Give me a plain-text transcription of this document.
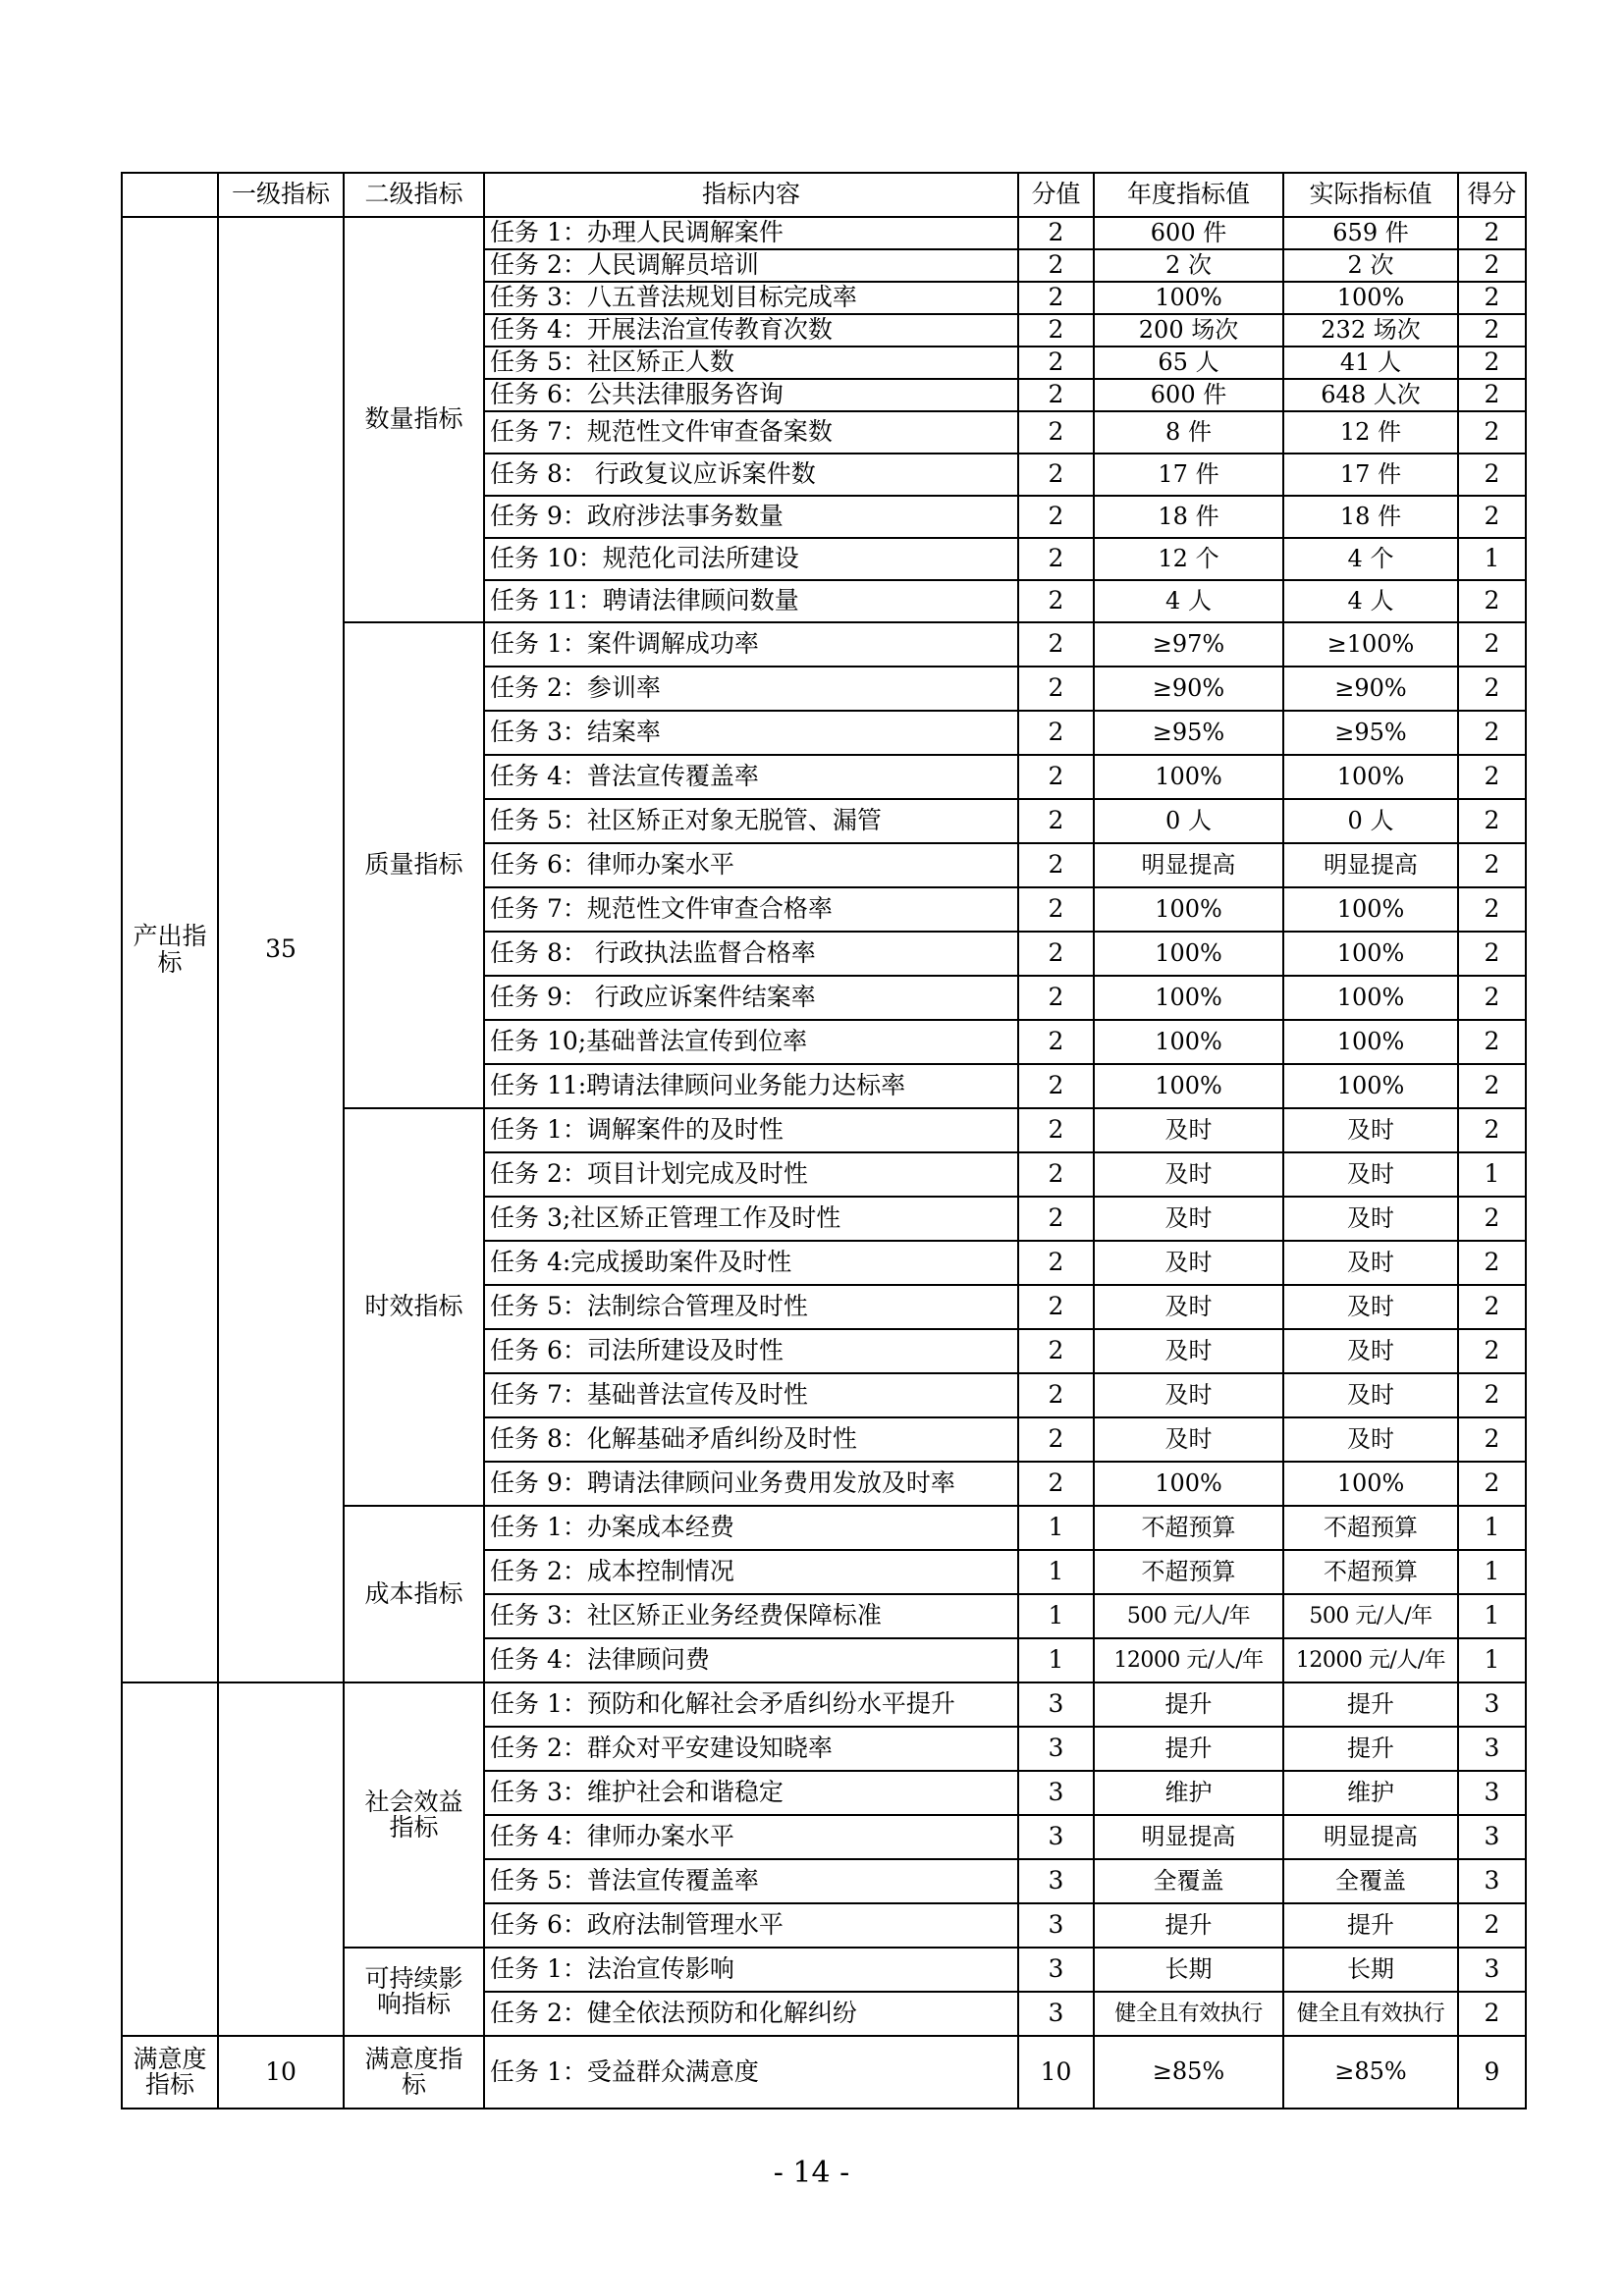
	一级指标	二级指标	指标内容	分值	年度指标值	实际指标值	得分
产出指标	35	数量指标	任务 1：办理人民调解案件	2	600 件	659 件	2
			任务 2：人民调解员培训	2	2 次	2 次	2
			任务 3：八五普法规划目标完成率	2	100%	100%	2
			任务 4：开展法治宣传教育次数	2	200 场次	232 场次	2
			任务 5：社区矫正人数	2	65 人	41 人	2
			任务 6：公共法律服务咨询	2	600 件	648 人次	2
			任务 7：规范性文件审查备案数	2	8 件	12 件	2
			任务 8： 行政复议应诉案件数	2	17 件	17 件	2
			任务 9：政府涉法事务数量	2	18 件	18 件	2
			任务 10：规范化司法所建设	2	12 个	4 个	1
			任务 11：聘请法律顾问数量	2	4 人	4 人	2
		质量指标	任务 1：案件调解成功率	2	≥97%	≥100%	2
			任务 2：参训率	2	≥90%	≥90%	2
			任务 3：结案率	2	≥95%	≥95%	2
			任务 4：普法宣传覆盖率	2	100%	100%	2
			任务 5：社区矫正对象无脱管、漏管	2	0 人	0 人	2
			任务 6：律师办案水平	2	明显提高	明显提高	2
			任务 7：规范性文件审查合格率	2	100%	100%	2
			任务 8： 行政执法监督合格率	2	100%	100%	2
			任务 9： 行政应诉案件结案率	2	100%	100%	2
			任务 10;基础普法宣传到位率	2	100%	100%	2
			任务 11:聘请法律顾问业务能力达标率	2	100%	100%	2
		时效指标	任务 1：调解案件的及时性	2	及时	及时	2
			任务 2：项目计划完成及时性	2	及时	及时	1
			任务 3;社区矫正管理工作及时性	2	及时	及时	2
			任务 4:完成援助案件及时性	2	及时	及时	2
			任务 5：法制综合管理及时性	2	及时	及时	2
			任务 6：司法所建设及时性	2	及时	及时	2
			任务 7：基础普法宣传及时性	2	及时	及时	2
			任务 8：化解基础矛盾纠纷及时性	2	及时	及时	2
			任务 9：聘请法律顾问业务费用发放及时率	2	100%	100%	2
		成本指标	任务 1：办案成本经费	1	不超预算	不超预算	1
			任务 2：成本控制情况	1	不超预算	不超预算	1
			任务 3：社区矫正业务经费保障标准	1	500 元/人/年	500 元/人/年	1
			任务 4：法律顾问费	1	12000 元/人/年	12000 元/人/年	1
		社会效益指标	任务 1：预防和化解社会矛盾纠纷水平提升	3	提升	提升	3
			任务 2：群众对平安建设知晓率	3	提升	提升	3
			任务 3：维护社会和谐稳定	3	维护	维护	3
			任务 4：律师办案水平	3	明显提高	明显提高	3
			任务 5：普法宣传覆盖率	3	全覆盖	全覆盖	3
			任务 6：政府法制管理水平	3	提升	提升	2
		可持续影响指标	任务 1：法治宣传影响	3	长期	长期	3
			任务 2：健全依法预防和化解纠纷	3	健全且有效执行	健全且有效执行	2
满意度指标	10	满意度指标	任务 1：受益群众满意度	10	≥85%	≥85%	9
- 14 -
